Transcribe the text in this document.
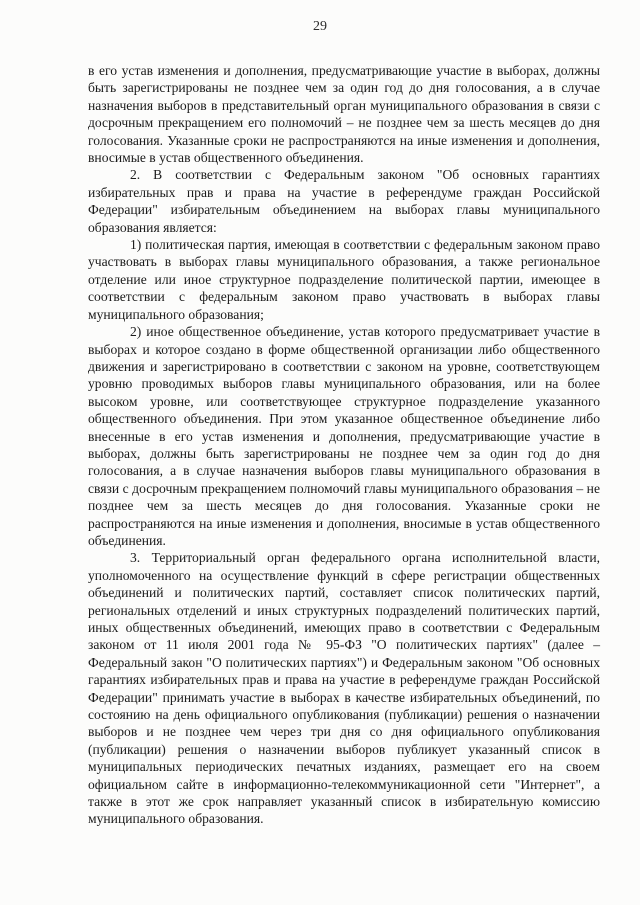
29

в его устав изменения и дополнения, предусматривающие участие в выборах, должны быть зарегистрированы не позднее чем за один год до дня голосования, а в случае назначения выборов в представительный орган муниципального образования в связи с досрочным прекращением его полномочий – не позднее чем за шесть месяцев до дня голосования. Указанные сроки не распространяются на иные изменения и дополнения, вносимые в устав общественного объединения.

2. В соответствии с Федеральным законом "Об основных гарантиях избирательных прав и права на участие в референдуме граждан Российской Федерации" избирательным объединением на выборах главы муниципального образования является:

1) политическая партия, имеющая в соответствии с федеральным законом право участвовать в выборах главы муниципального образования, а также региональное отделение или иное структурное подразделение политической партии, имеющее в соответствии с федеральным законом право участвовать в выборах главы муниципального образования;

2) иное общественное объединение, устав которого предусматривает участие в выборах и которое создано в форме общественной организации либо общественного движения и зарегистрировано в соответствии с законом на уровне, соответствующем уровню проводимых выборов главы муниципального образования, или на более высоком уровне, или соответствующее структурное подразделение указанного общественного объединения. При этом указанное общественное объединение либо внесенные в его устав изменения и дополнения, предусматривающие участие в выборах, должны быть зарегистрированы не позднее чем за один год до дня голосования, а в случае назначения выборов главы муниципального образования в связи с досрочным прекращением полномочий главы муниципального образования – не позднее чем за шесть месяцев до дня голосования. Указанные сроки не распространяются на иные изменения и дополнения, вносимые в устав общественного объединения.

3. Территориальный орган федерального органа исполнительной власти, уполномоченного на осуществление функций в сфере регистрации общественных объединений и политических партий, составляет список политических партий, региональных отделений и иных структурных подразделений политических партий, иных общественных объединений, имеющих право в соответствии с Федеральным законом от 11 июля 2001 года № 95-ФЗ "О политических партиях" (далее – Федеральный закон "О политических партиях") и Федеральным законом "Об основных гарантиях избирательных прав и права на участие в референдуме граждан Российской Федерации" принимать участие в выборах в качестве избирательных объединений, по состоянию на день официального опубликования (публикации) решения о назначении выборов и не позднее чем через три дня со дня официального опубликования (публикации) решения о назначении выборов публикует указанный список в муниципальных периодических печатных изданиях, размещает его на своем официальном сайте в информационно-телекоммуникационной сети "Интернет", а также в этот же срок направляет указанный список в избирательную комиссию муниципального образования.
